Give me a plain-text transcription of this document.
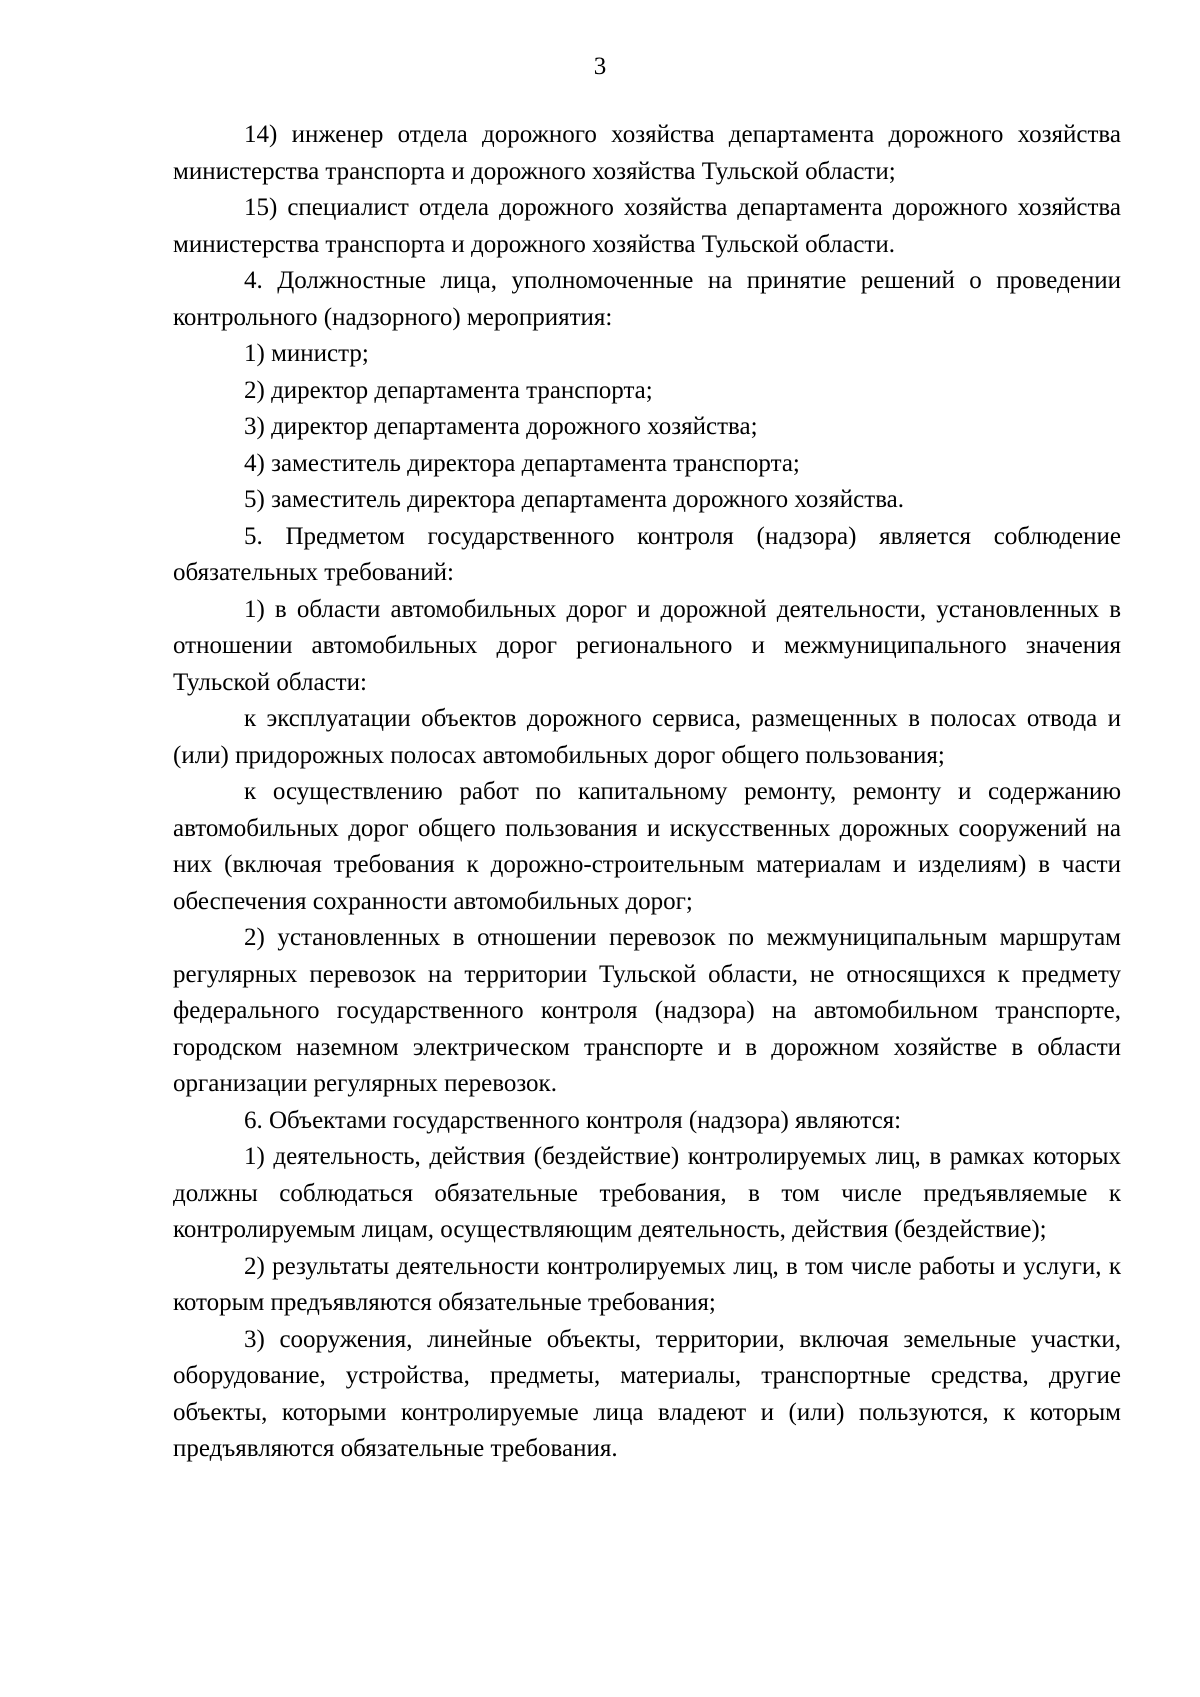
3

14) инженер отдела дорожного хозяйства департамента дорожного хозяйства министерства транспорта и дорожного хозяйства Тульской области;

15) специалист отдела дорожного хозяйства департамента дорожного хозяйства министерства транспорта и дорожного хозяйства Тульской области.

4. Должностные лица, уполномоченные на принятие решений о проведении контрольного (надзорного) мероприятия:

1) министр;

2) директор департамента транспорта;

3) директор департамента дорожного хозяйства;

4) заместитель директора департамента транспорта;

5) заместитель директора департамента дорожного хозяйства.

5. Предметом государственного контроля (надзора) является соблюдение обязательных требований:

1) в области автомобильных дорог и дорожной деятельности, установленных в отношении автомобильных дорог регионального и межмуниципального значения Тульской области:

к эксплуатации объектов дорожного сервиса, размещенных в полосах отвода и (или) придорожных полосах автомобильных дорог общего пользования;

к осуществлению работ по капитальному ремонту, ремонту и содержанию автомобильных дорог общего пользования и искусственных дорожных сооружений на них (включая требования к дорожно-строительным материалам и изделиям) в части обеспечения сохранности автомобильных дорог;

2) установленных в отношении перевозок по межмуниципальным маршрутам регулярных перевозок на территории Тульской области, не относящихся к предмету федерального государственного контроля (надзора) на автомобильном транспорте, городском наземном электрическом транспорте и в дорожном хозяйстве в области организации регулярных перевозок.

6. Объектами государственного контроля (надзора) являются:

1) деятельность, действия (бездействие) контролируемых лиц, в рамках которых должны соблюдаться обязательные требования, в том числе предъявляемые к контролируемым лицам, осуществляющим деятельность, действия (бездействие);

2) результаты деятельности контролируемых лиц, в том числе работы и услуги, к которым предъявляются обязательные требования;

3) сооружения, линейные объекты, территории, включая земельные участки, оборудование, устройства, предметы, материалы, транспортные средства, другие объекты, которыми контролируемые лица владеют и (или) пользуются, к которым предъявляются обязательные требования.
